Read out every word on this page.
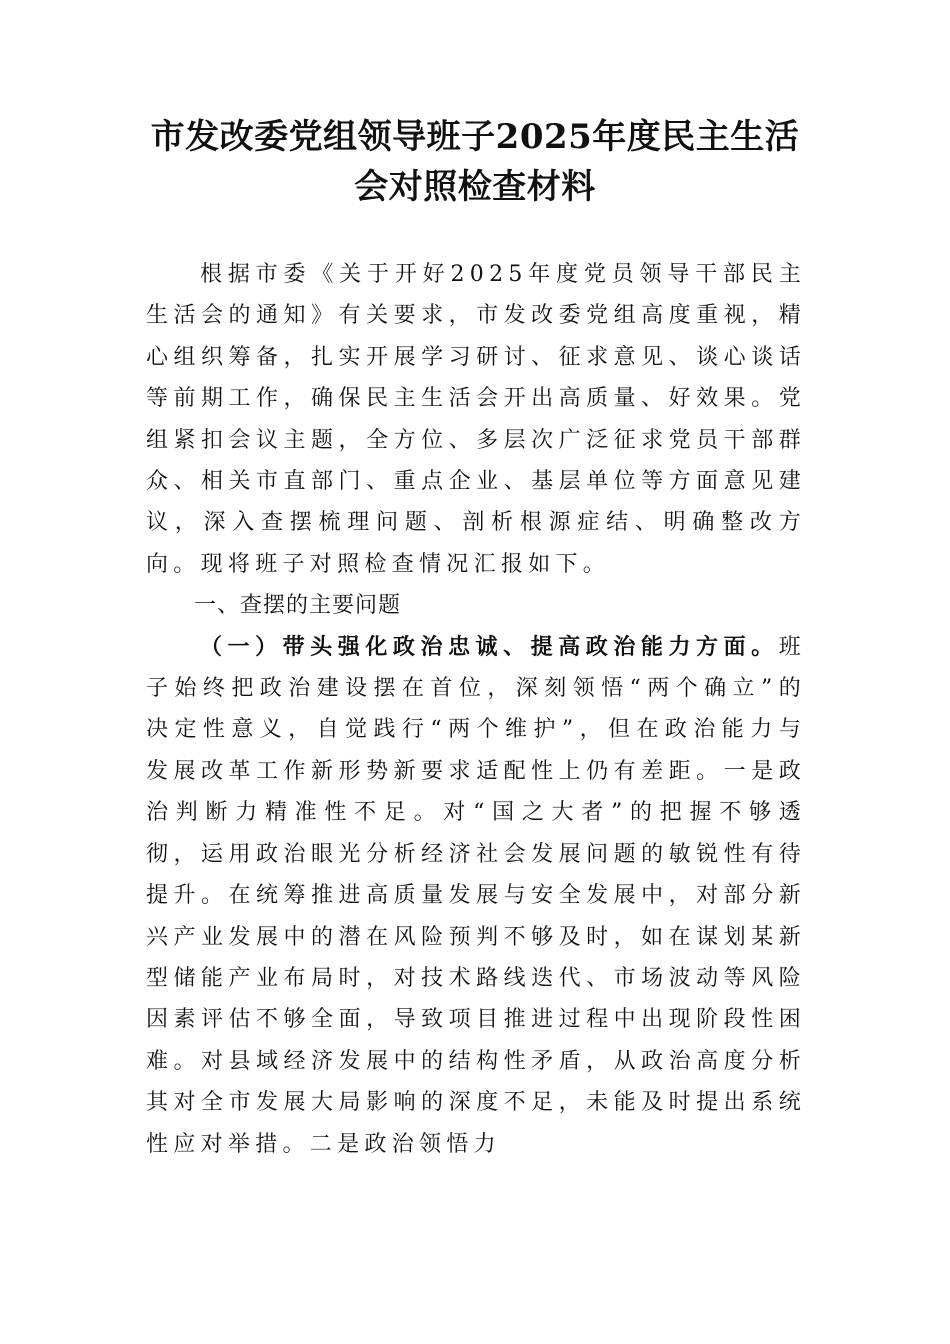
市发改委党组领导班子2025年度民主生活会对照检查材料

根据市委《关于开好2025年度党员领导干部民主生活会的通知》有关要求，市发改委党组高度重视，精心组织筹备，扎实开展学习研讨、征求意见、谈心谈话等前期工作，确保民主生活会开出高质量、好效果。党组紧扣会议主题，全方位、多层次广泛征求党员干部群众、相关市直部门、重点企业、基层单位等方面意见建议，深入查摆梳理问题、剖析根源症结、明确整改方向。现将班子对照检查情况汇报如下。

一、查摆的主要问题

（一）带头强化政治忠诚、提高政治能力方面。班子始终把政治建设摆在首位，深刻领悟“两个确立”的决定性意义，自觉践行“两个维护”，但在政治能力与发展改革工作新形势新要求适配性上仍有差距。一是政治判断力精准性不足。对“国之大者”的把握不够透彻，运用政治眼光分析经济社会发展问题的敏锐性有待提升。在统筹推进高质量发展与安全发展中，对部分新兴产业发展中的潜在风险预判不够及时，如在谋划某新型储能产业布局时，对技术路线迭代、市场波动等风险因素评估不够全面，导致项目推进过程中出现阶段性困难。对县域经济发展中的结构性矛盾，从政治高度分析其对全市发展大局影响的深度不足，未能及时提出系统性应对举措。二是政治领悟力
